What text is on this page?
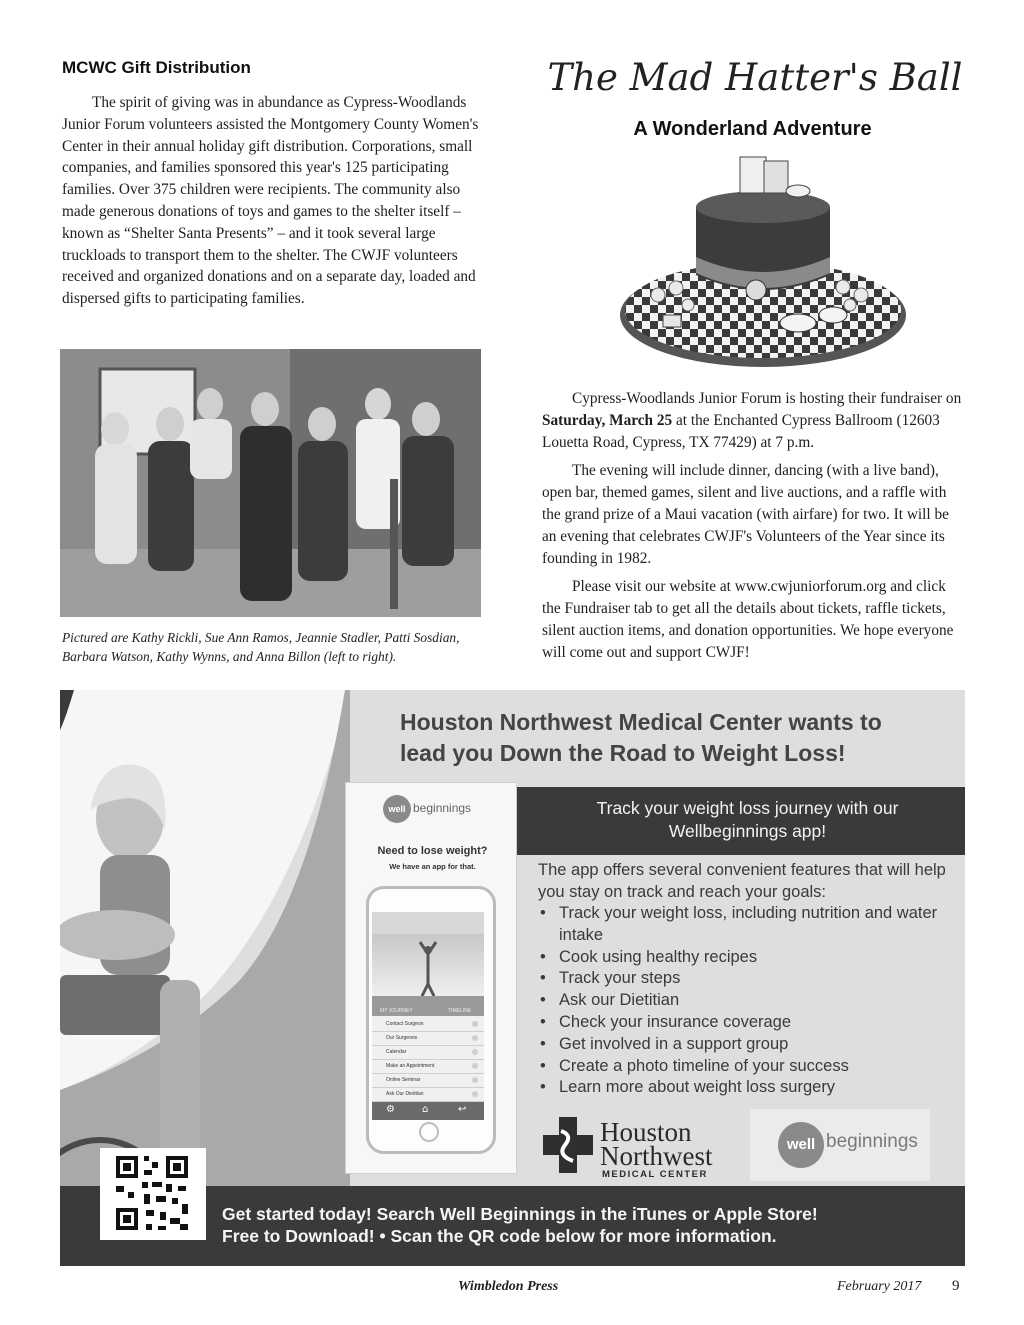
MCWC Gift Distribution

The spirit of giving was in abundance as Cypress-Woodlands Junior Forum volunteers assisted the Montgomery County Women's Center in their annual holiday gift distribution. Corporations, small companies, and families sponsored this year's 125 participating families. Over 375 children were recipients. The community also made generous donations of toys and games to the shelter itself – known as “Shelter Santa Presents” – and it took several large truckloads to transport them to the shelter. The CWJF volunteers received and organized donations and on a separate day, loaded and dispersed gifts to participating families.

Pictured are Kathy Rickli, Sue Ann Ramos, Jeannie Stadler, Patti Sosdian, Barbara Watson, Kathy Wynns, and Anna Billon (left to right).
The Mad Hatter's Ball
A Wonderland Adventure

Cypress-Woodlands Junior Forum is hosting their fundraiser on Saturday, March 25 at the Enchanted Cypress Ballroom (12603 Louetta Road, Cypress, TX 77429) at 7 p.m.

The evening will include dinner, dancing (with a live band), open bar, themed games, silent and live auctions, and a raffle with the grand prize of a Maui vacation (with airfare) for two. It will be an evening that celebrates CWJF's Volunteers of the Year since its founding in 1982.

Please visit our website at www.cwjuniorforum.org and click the Fundraiser tab to get all the details about tickets, raffle tickets, silent auction items, and donation opportunities. We hope everyone will come out and support CWJF!

Houston Northwest Medical Center wants to
lead you Down the Road to Weight Loss!
Track your weight loss journey with our
Wellbeginnings app!
well beginnings
Need to lose weight?
We have an app for that.
MY JOURNEY	TIMELINE
Contact Surgeon
Our Surgeons
Calendar
Make an Appointment
Online Seminar
Ask Our Dietitian
⚙	⌂	↩
The app offers several convenient features that will help you stay on track and reach your goals:
• Track your weight loss, including nutrition and water intake
• Cook using healthy recipes
• Track your steps
• Ask our Dietitian
• Check your insurance coverage
• Get involved in a support group
• Create a photo timeline of your success
• Learn more about weight loss surgery
Houston
Northwest
MEDICAL CENTER
well beginnings
Get started today! Search Well Beginnings in the iTunes or Apple Store!
Free to Download! • Scan the QR code below for more information.
Wimbledon Press	February 2017 9
